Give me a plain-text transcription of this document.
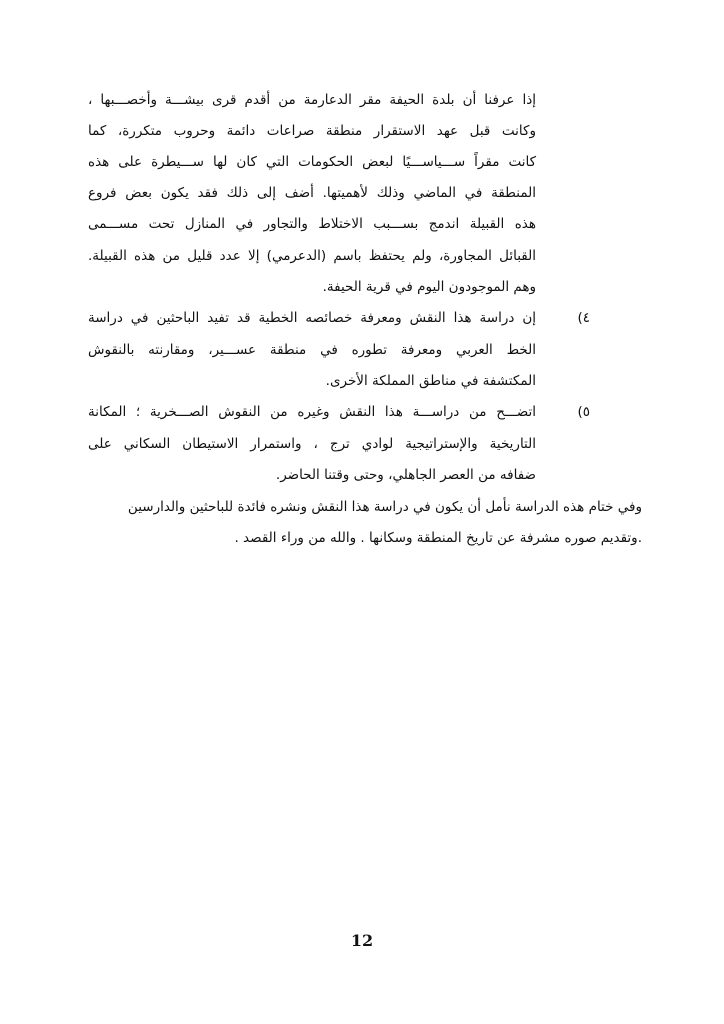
إذا عرفنا أن بلدة الحيفة مقر الدعارمة من أقدم قرى بيشـــة وأخصـــبها ،
وكانت قبل عهد الاستقرار منطقة صراعات دائمة وحروب متكررة، كما
كانت مقراً ســـياســـيًا لبعض الحكومات التي كان لها ســـيطرة على هذه
المنطقة في الماضي وذلك لأهميتها. أضف إلى ذلك فقد يكون بعض فروع
هذه القبيلة اندمج بســـبب الاختلاط والتجاور في المنازل تحت مســـمى
القبائل المجاورة، ولم يحتفظ باسم (الدعرمي) إلا عدد قليل من هذه القبيلة.
وهم الموجودون اليوم في قرية الحيفة.
٤)
إن دراسة هذا النقش ومعرفة خصائصه الخطية قد تفيد الباحثين في دراسة
الخط العربي ومعرفة تطوره في منطقة عســـير، ومقارنته بالنقوش
المكتشفة في مناطق المملكة الأخرى.
٥)
اتضـــح من دراســـة هذا النقش وغيره من النقوش الصـــخرية ؛ المكانة
التاريخية والإستراتيجية لوادي ترج ، واستمرار الاستيطان السكاني على
ضفافه من العصر الجاهلي، وحتى وقتنا الحاضر.
وفي ختام هذه الدراسة نأمل أن يكون في دراسة هذا النقش ونشره فائدة للباحثين والدارسين
.وتقديم صوره مشرفة عن تاريخ المنطقة وسكانها . والله من وراء القصد .
12
